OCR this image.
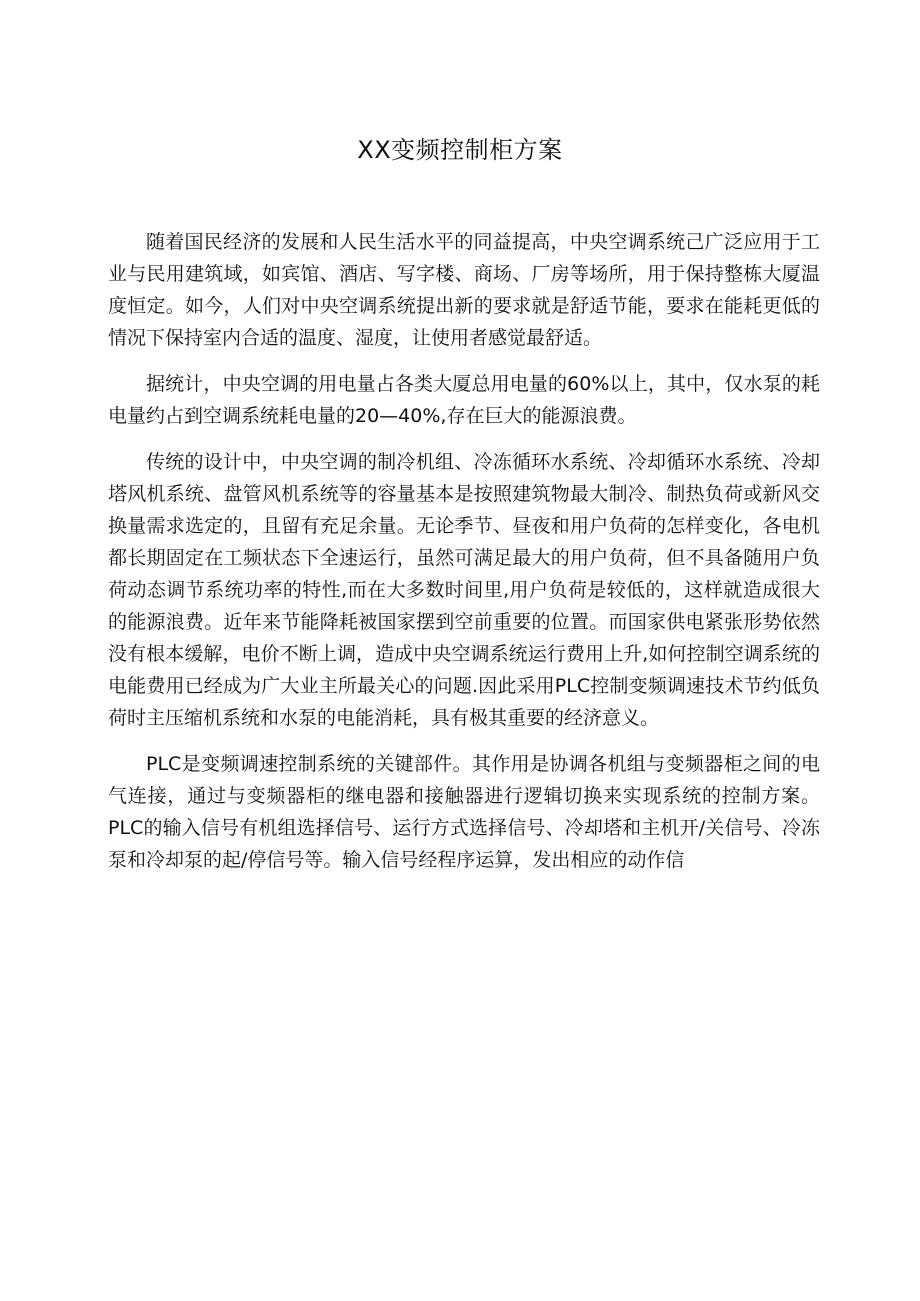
XX变频控制柜方案

随着国民经济的发展和人民生活水平的同益提高，中央空调系统己广泛应用于工业与民用建筑域，如宾馆、酒店、写字楼、商场、厂房等场所，用于保持整栋大厦温度恒定。如今，人们对中央空调系统提出新的要求就是舒适节能，要求在能耗更低的情况下保持室内合适的温度、湿度，让使用者感觉最舒适。

据统计，中央空调的用电量占各类大厦总用电量的60%以上，其中，仅水泵的耗电量约占到空调系统耗电量的20—40%,存在巨大的能源浪费。

传统的设计中，中央空调的制冷机组、冷冻循环水系统、冷却循环水系统、冷却塔风机系统、盘管风机系统等的容量基本是按照建筑物最大制冷、制热负荷或新风交换量需求选定的，且留有充足余量。无论季节、昼夜和用户负荷的怎样变化，各电机都长期固定在工频状态下全速运行，虽然可满足最大的用户负荷，但不具备随用户负荷动态调节系统功率的特性,而在大多数时间里,用户负荷是较低的，这样就造成很大的能源浪费。近年来节能降耗被国家摆到空前重要的位置。而国家供电紧张形势依然没有根本缓解，电价不断上调，造成中央空调系统运行费用上升,如何控制空调系统的电能费用已经成为广大业主所最关心的问题.因此采用PLC控制变频调速技术节约低负荷时主压缩机系统和水泵的电能消耗，具有极其重要的经济意义。

PLC是变频调速控制系统的关键部件。其作用是协调各机组与变频器柜之间的电气连接，通过与变频器柜的继电器和接触器进行逻辑切换来实现系统的控制方案。PLC的输入信号有机组选择信号、运行方式选择信号、冷却塔和主机开/关信号、冷冻泵和冷却泵的起/停信号等。输入信号经程序运算，发出相应的动作信
